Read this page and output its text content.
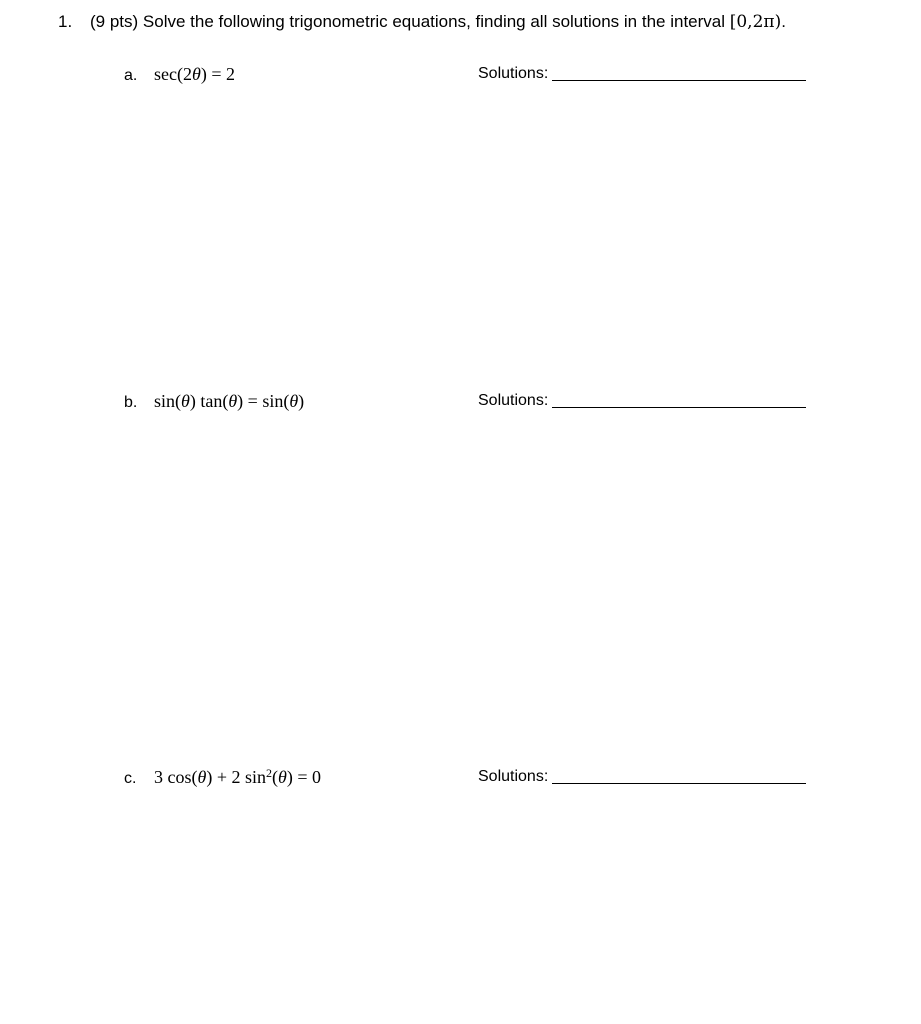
1. (9 pts) Solve the following trigonometric equations, finding all solutions in the interval [0,2π).
a. sec(2θ) = 2	Solutions:
b. sin(θ) tan(θ) = sin(θ)	Solutions:
c. 3 cos(θ) + 2 $\sin^2(\theta) = 0$	Solutions:
